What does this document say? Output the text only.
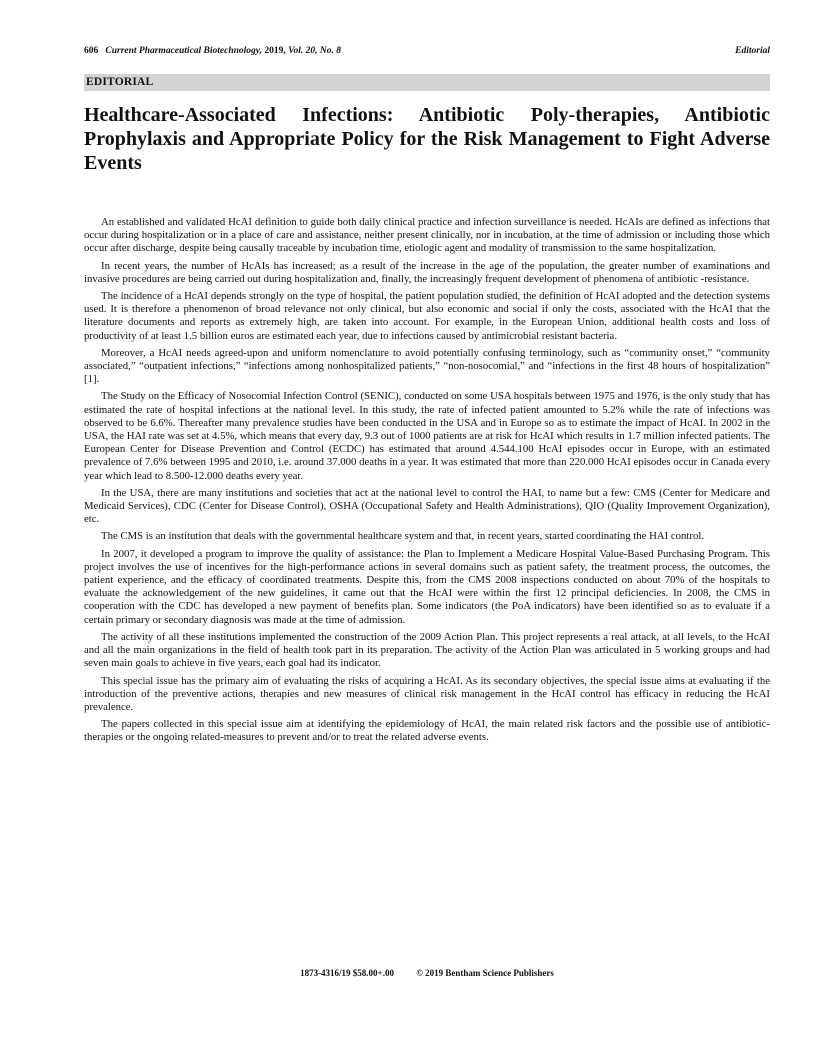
606 Current Pharmaceutical Biotechnology, 2019, Vol. 20, No. 8	Editorial
EDITORIAL
Healthcare-Associated Infections: Antibiotic Poly-therapies, Antibiotic Prophylaxis and Appropriate Policy for the Risk Management to Fight Adverse Events

An established and validated HcAI definition to guide both daily clinical practice and infection surveillance is needed. HcAIs are defined as infections that occur during hospitalization or in a place of care and assistance, neither present clinically, nor in incubation, at the time of admission or including those which occur after discharge, despite being causally traceable by incubation time, etiologic agent and modality of transmission to the same hospitalization.

In recent years, the number of HcAIs has increased; as a result of the increase in the age of the population, the greater number of examinations and invasive procedures are being carried out during hospitalization and, finally, the increasingly frequent development of phenomena of antibiotic -resistance.

The incidence of a HcAI depends strongly on the type of hospital, the patient population studied, the definition of HcAI adopted and the detection systems used. It is therefore a phenomenon of broad relevance not only clinical, but also economic and social if only the costs, associated with the HcAI that the literature documents and reports as extremely high, are taken into account. For example, in the European Union, additional health costs and loss of productivity of at least 1.5 billion euros are estimated each year, due to infections caused by antimicrobial resistant bacteria.

Moreover, a HcAI needs agreed-upon and uniform nomenclature to avoid potentially confusing terminology, such as “community onset,” “community associated,” “outpatient infections,” “infections among nonhospitalized patients,” “non-nosocomial,” and “infections in the first 48 hours of hospitalization” [1].

The Study on the Efficacy of Nosocomial Infection Control (SENIC), conducted on some USA hospitals between 1975 and 1976, is the only study that has estimated the rate of hospital infections at the national level. In this study, the rate of infected patient amounted to 5.2% while the rate of infections was observed to be 6.6%. Thereafter many prevalence studies have been conducted in the USA and in Europe so as to estimate the impact of HcAI. In 2002 in the USA, the HAI rate was set at 4.5%, which means that every day, 9.3 out of 1000 patients are at risk for HcAI which results in 1.7 million infected patients. The European Center for Disease Prevention and Control (ECDC) has estimated that around 4.544.100 HcAI episodes occur in Europe, with an estimated prevalence of 7.6% between 1995 and 2010, i.e. around 37.000 deaths in a year. It was estimated that more than 220.000 HcAI episodes occur in Canada every year which lead to 8.500-12.000 deaths every year.

In the USA, there are many institutions and societies that act at the national level to control the HAI, to name but a few: CMS (Center for Medicare and Medicaid Services), CDC (Center for Disease Control), OSHA (Occupational Safety and Health Administrations), QIO (Quality Improvement Organization), etc.

The CMS is an institution that deals with the governmental healthcare system and that, in recent years, started coordinating the HAI control.

In 2007, it developed a program to improve the quality of assistance: the Plan to Implement a Medicare Hospital Value-Based Purchasing Program. This project involves the use of incentives for the high-performance actions in several domains such as patient safety, the treatment process, the outcomes, the patient experience, and the efficacy of coordinated treatments. Despite this, from the CMS 2008 inspections conducted on about 70% of the hospitals to evaluate the acknowledgement of the new guidelines, it came out that the HcAI were within the first 12 principal deficiencies. In 2008, the CMS in cooperation with the CDC has developed a new payment of benefits plan. Some indicators (the PoA indicators) have been identified so as to evaluate if a certain primary or secondary diagnosis was made at the time of admission.

The activity of all these institutions implemented the construction of the 2009 Action Plan. This project represents a real attack, at all levels, to the HcAI and all the main organizations in the field of health took part in its preparation. The activity of the Action Plan was articulated in 5 working groups and had seven main goals to achieve in five years, each goal had its indicator.

This special issue has the primary aim of evaluating the risks of acquiring a HcAI. As its secondary objectives, the special issue aims at evaluating if the introduction of the preventive actions, therapies and new measures of clinical risk management in the HcAI control has efficacy in reducing the HcAI prevalence.

The papers collected in this special issue aim at identifying the epidemiology of HcAI, the main related risk factors and the possible use of antibiotic-therapies or the ongoing related-measures to prevent and/or to treat the related adverse events.

1873-4316/19 $58.00+.00 © 2019 Bentham Science Publishers
